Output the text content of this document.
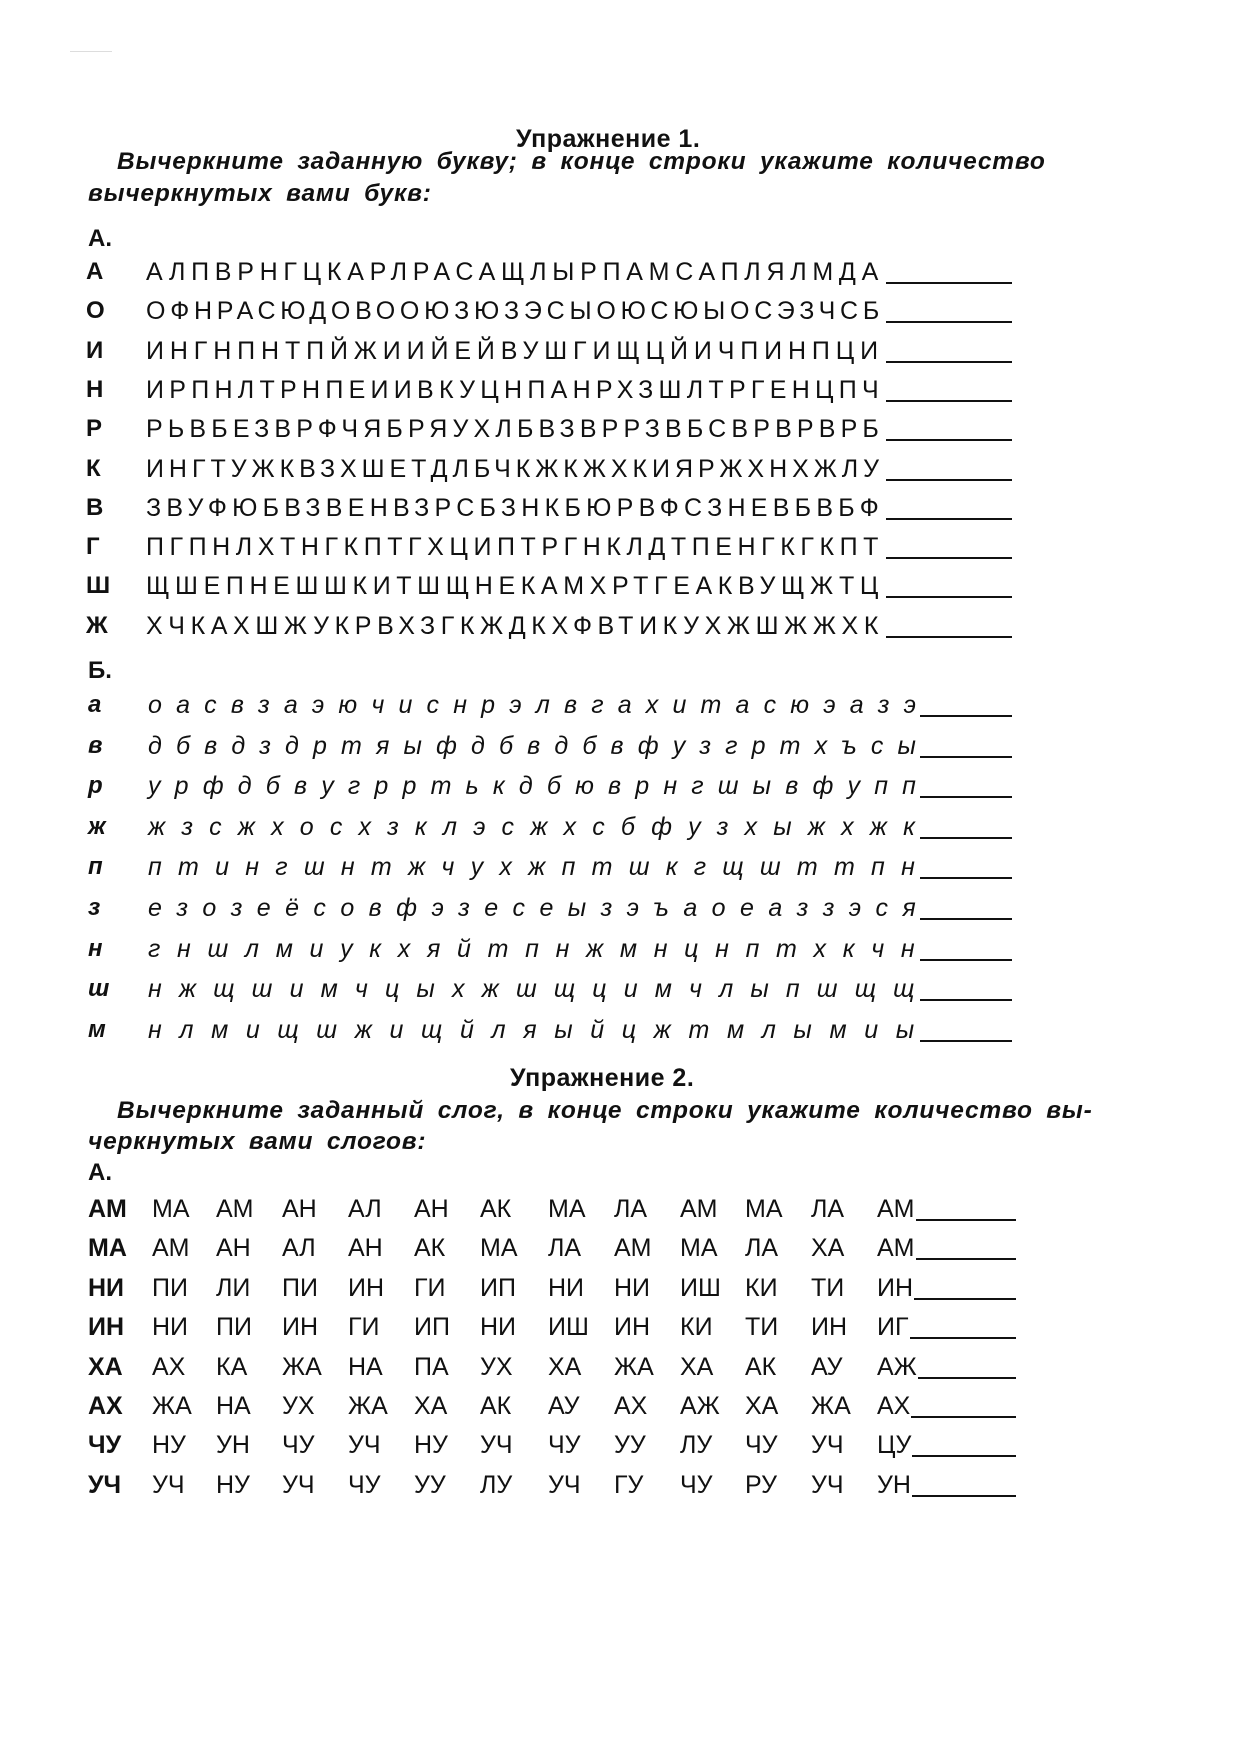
Упражнение 1.
Вычеркните заданную букву; в конце строки укажите количество
вычеркнутых вами букв:
А.
А АЛПВРНГЦКАРЛРАСАЩЛЫРПАМСАПЛЯЛМДА
О ОФНРАСЮДОВООЮЗЮЗЭСЫОЮСЮЫОСЭЗЧСБ
И ИНГНПНТПЙЖИИЙЕЙВУШГИЩЦЙИЧПИНПЦИ
Н ИРПНЛТРНПЕИИВКУЦНПАНРХЗШЛТРГЕНЦПЧ
Р РЬВБЕЗВРФЧЯБРЯУХЛБВЗВРРЗВБСВРВРВРБ
К ИНГТУЖКВЗХШЕТДЛБЧКЖКЖХКИЯРЖХНХЖЛУ
В ЗВУФЮБВЗВЕНВЗРСБЗНКБЮРВФСЗНЕВБВБФ
Г ПГПНЛХТНГКПТГХЦИПТРГНКЛДТПЕНГКГКПТ
Ш ЩШЕПНЕШШКИТШЩНЕКАМХРТГЕАКВУЩЖТЦ
Ж ХЧКАХШЖУКРВХЗГКЖДКХФВТИКУХЖШЖЖХК
Б.
а о а с в з а э ю ч и с н р э л в г а х и т а с ю э а з э
в д б в д з д р т я ы ф д б в д б в ф у з г р т х ъ с ы
р у р ф д б в у г р р т ь к д б ю в р н г ш ы в ф у п п
ж ж з с ж х о с х з к л э с ж х с б ф у з х ы ж х ж к
п п т и н г ш н т ж ч у х ж п т ш к г щ ш т т п н
з е з о з е ё с о в ф э з е с е ы з э ъ а о е а з з э с я
н г н ш л м и у к х я й т п н ж м н ц н п т х к ч н
ш н ж щ ш и м ч ц ы х ж ш щ ц и м ч л ы п ш щ щ
м н л м и щ ш ж и щ й л я ы й ц ж т м л ы м и ы
Упражнение 2.
Вычеркните заданный слог, в конце строки укажите количество вы-
черкнутых вами слогов:
А.
АМ МА АМ АН АЛ АН АК МА ЛА АМ МА ЛА АМ
МА АМ АН АЛ АН АК МА ЛА АМ МА ЛА ХА АМ
НИ ПИ ЛИ ПИ ИН ГИ ИП НИ НИ ИШ КИ ТИ ИН
ИН НИ ПИ ИН ГИ ИП НИ ИШ ИН КИ ТИ ИН ИГ
ХА АХ КА ЖА НА ПА УХ ХА ЖА ХА АК АУ АЖ
АХ ЖА НА УХ ЖА ХА АК АУ АХ АЖ ХА ЖА АХ
ЧУ НУ УН ЧУ УЧ НУ УЧ ЧУ УУ ЛУ ЧУ УЧ ЦУ
УЧ УЧ НУ УЧ ЧУ УУ ЛУ УЧ ГУ ЧУ РУ УЧ УН
